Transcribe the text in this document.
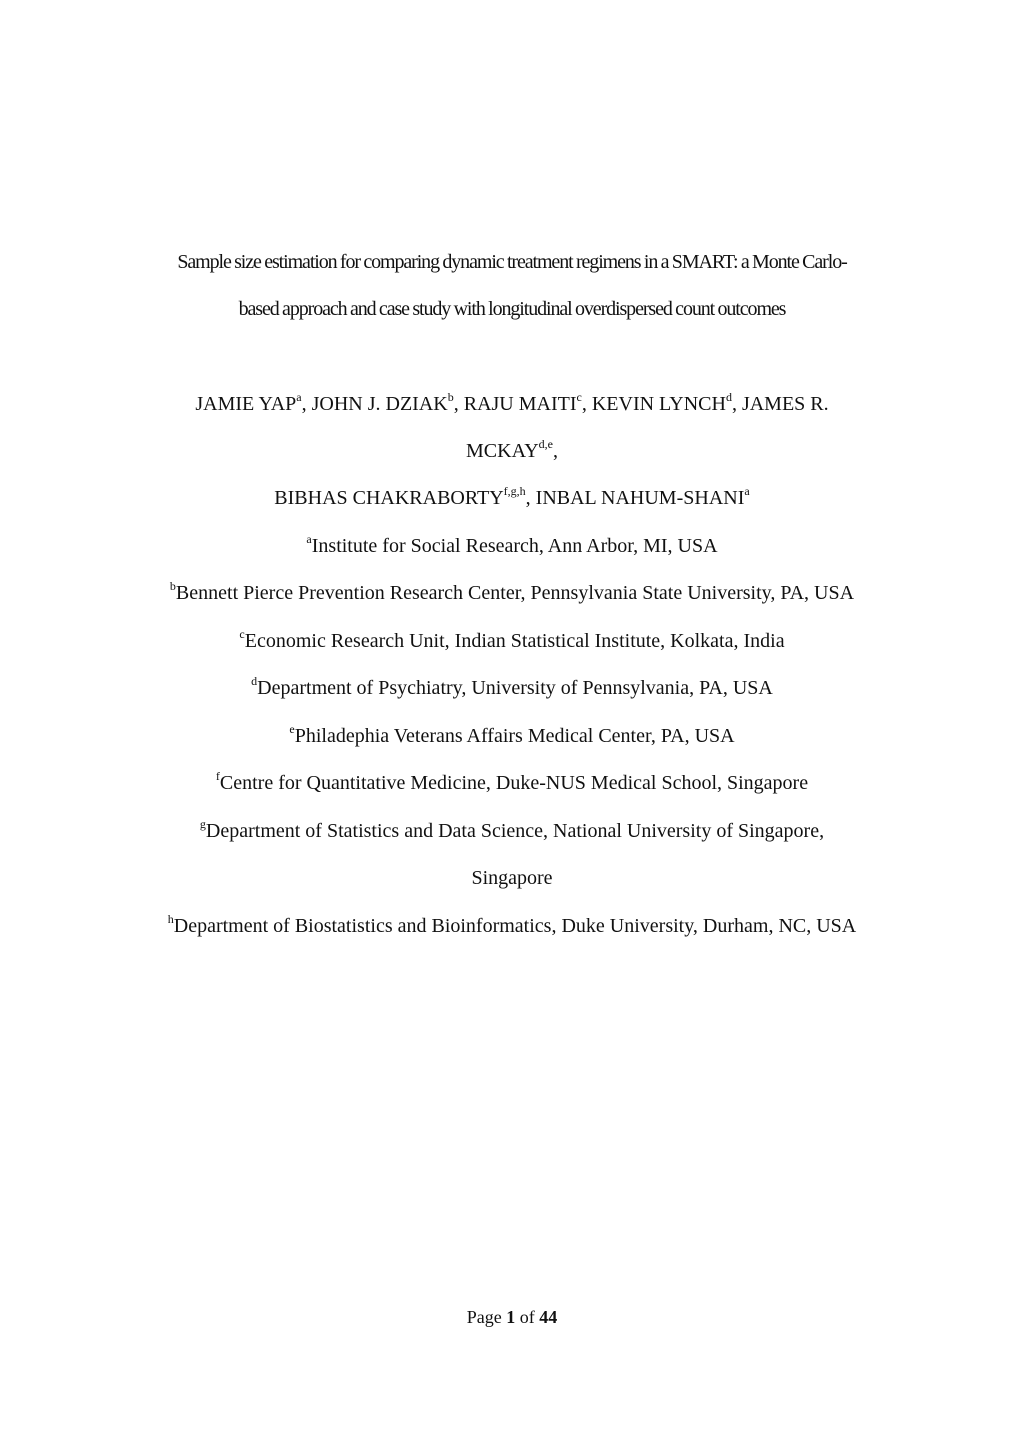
Sample size estimation for comparing dynamic treatment regimens in a SMART: a Monte Carlo-
based approach and case study with longitudinal overdispersed count outcomes
JAMIE YAP$^a$, JOHN J. DZIAK$^b$, RAJU MAITI$^c$, KEVIN LYNCH$^d$, JAMES R.
MCKAY$^{d,e}$,
BIBHAS CHAKRABORTY$^{f,g,h}$, INBAL NAHUM-SHANI$^a$
$^a$Institute for Social Research, Ann Arbor, MI, USA
$^b$Bennett Pierce Prevention Research Center, Pennsylvania State University, PA, USA
$^c$Economic Research Unit, Indian Statistical Institute, Kolkata, India
$^d$Department of Psychiatry, University of Pennsylvania, PA, USA
$^e$Philadephia Veterans Affairs Medical Center, PA, USA
$^f$Centre for Quantitative Medicine, Duke-NUS Medical School, Singapore
$^g$Department of Statistics and Data Science, National University of Singapore,
Singapore
$^h$Department of Biostatistics and Bioinformatics, Duke University, Durham, NC, USA
Page 1 of 44
